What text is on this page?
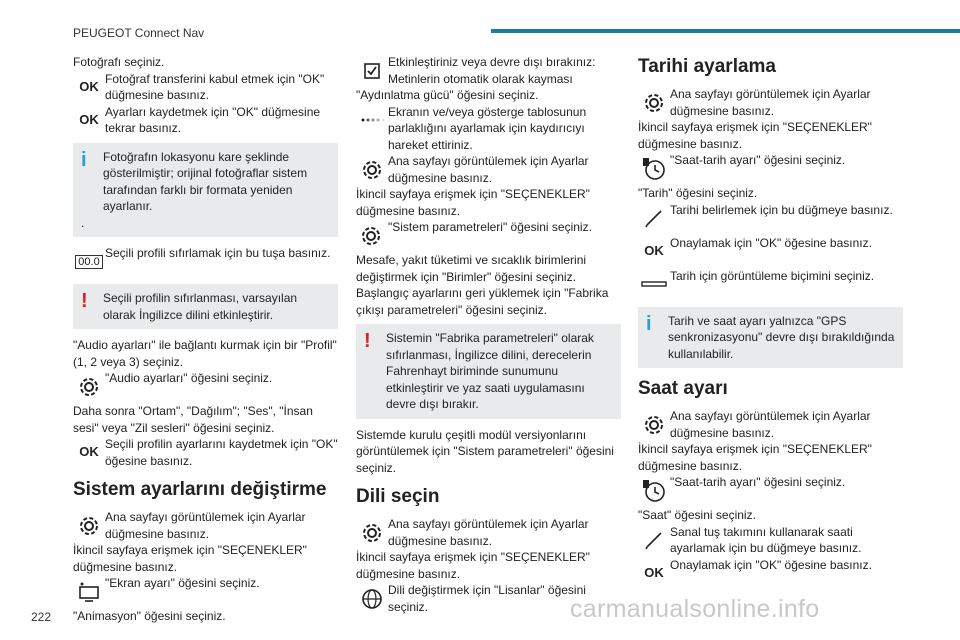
PEUGEOT Connect Nav

Fotoğrafı seçiniz.

OK
Fotoğraf transferini kabul etmek için "OK" düğmesine basınız.
OK
Ayarları kaydetmek için "OK" düğmesine tekrar basınız.
i	Fotoğrafın lokasyonu kare şeklinde gösterilmiştir; orijinal fotoğraflar sistem tarafından farklı bir formata yeniden ayarlanır.
.
00.0
Seçili profili sıfırlamak için bu tuşa basınız.
!	Seçili profilin sıfırlanması, varsayılan olarak İngilizce dilini etkinleştirir.

"Audio ayarları" ile bağlantı kurmak için bir "Profil" (1, 2 veya 3) seçiniz.

"Audio ayarları" öğesini seçiniz.

Daha sonra "Ortam", "Dağılım"; "Ses", "İnsan sesi" veya "Zil sesleri" öğesini seçiniz.

OK
Seçili profilin ayarlarını kaydetmek için "OK" öğesine basınız.
Sistem ayarlarını değiştirme
Ana sayfayı görüntülemek için Ayarlar düğmesine basınız.

İkincil sayfaya erişmek için "SEÇENEKLER" düğmesine basınız.

"Ekran ayarı" öğesini seçiniz.

"Animasyon" öğesini seçiniz.

Etkinleştiriniz veya devre dışı bırakınız: Metinlerin otomatik olarak kayması

"Aydınlatma gücü" öğesini seçiniz.

Ekranın ve/veya gösterge tablosunun parlaklığını ayarlamak için kaydırıcıyı hareket ettiriniz.
Ana sayfayı görüntülemek için Ayarlar düğmesine basınız.

İkincil sayfaya erişmek için "SEÇENEKLER" düğmesine basınız.

"Sistem parametreleri" öğesini seçiniz.

Mesafe, yakıt tüketimi ve sıcaklık birimlerini değiştirmek için "Birimler" öğesini seçiniz.

Başlangıç ayarlarını geri yüklemek için "Fabrika çıkışı parametreleri" öğesini seçiniz.

!	Sistemin "Fabrika parametreleri" olarak sıfırlanması, İngilizce dilini, derecelerin Fahrenhayt biriminde sunumunu etkinleştirir ve yaz saati uygulamasını devre dışı bırakır.

Sistemde kurulu çeşitli modül versiyonlarını görüntülemek için "Sistem parametreleri" öğesini seçiniz.

Dili seçin
Ana sayfayı görüntülemek için Ayarlar düğmesine basınız.

İkincil sayfaya erişmek için "SEÇENEKLER" düğmesine basınız.

Dili değiştirmek için "Lisanlar" öğesini seçiniz.
Tarihi ayarlama
Ana sayfayı görüntülemek için Ayarlar düğmesine basınız.

İkincil sayfaya erişmek için "SEÇENEKLER" düğmesine basınız.

"Saat-tarih ayarı" öğesini seçiniz.

"Tarih" öğesini seçiniz.

Tarihi belirlemek için bu düğmeye basınız.
OK
Onaylamak için "OK" öğesine basınız.
Tarih için görüntüleme biçimini seçiniz.
i	Tarih ve saat ayarı yalnızca "GPS senkronizasyonu" devre dışı bırakıldığında kullanılabilir.
Saat ayarı
Ana sayfayı görüntülemek için Ayarlar düğmesine basınız.

İkincil sayfaya erişmek için "SEÇENEKLER" düğmesine basınız.

"Saat-tarih ayarı" öğesini seçiniz.

"Saat" öğesini seçiniz.

Sanal tuş takımını kullanarak saati ayarlamak için bu düğmeye basınız.
OK
Onaylamak için "OK" öğesine basınız.
222	carmanualsonline.info
